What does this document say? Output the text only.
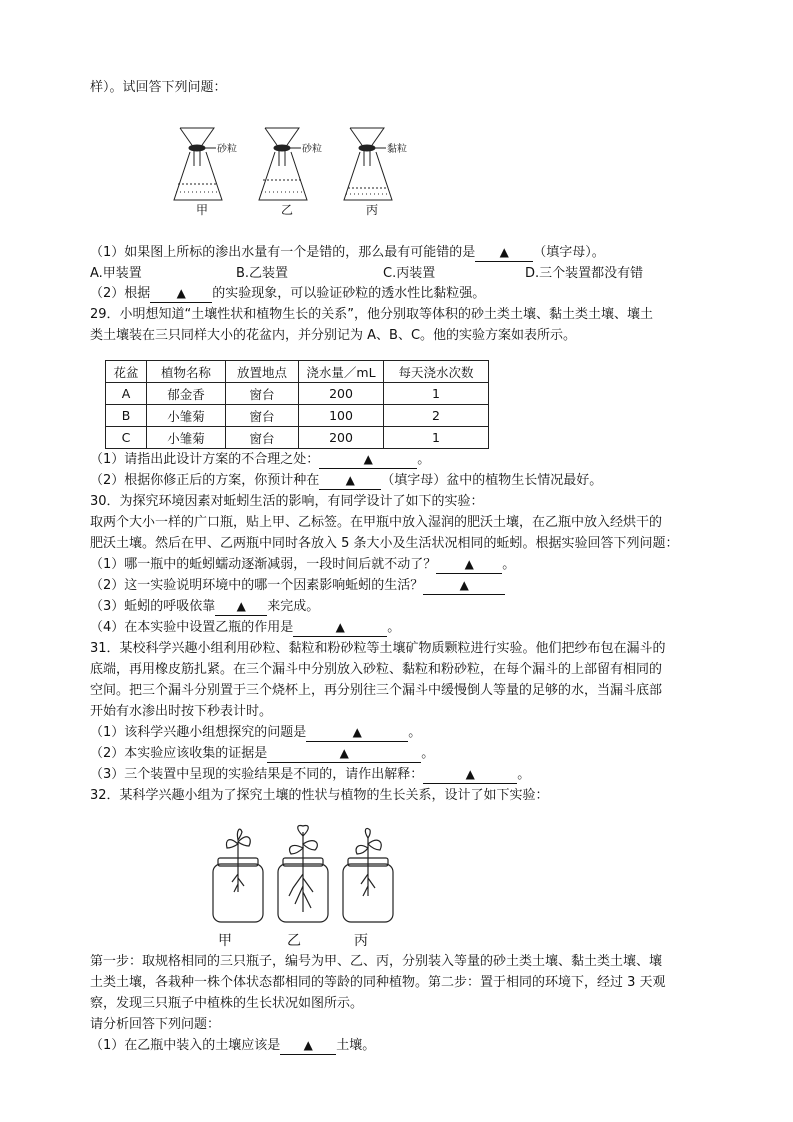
样）。试回答下列问题：
砂粒	砂粒	黏粒
甲	乙	丙
（1）如果图上所标的渗出水量有一个是错的，那么最有可能错的是 ▲ （填字母）。
A.甲装置	B.乙装置	C.丙装置	D.三个装置都没有错
（2）根据 ▲ 的实验现象，可以验证砂粒的透水性比黏粒强。
29．小明想知道“土壤性状和植物生长的关系”，他分别取等体积的砂土类土壤、黏土类土壤、壤土
类土壤装在三只同样大小的花盆内，并分别记为 A、B、C。他的实验方案如表所示。
花盆	植物名称	放置地点	浇水量／mL	每天浇水次数
A	郁金香	窗台	200	1
B	小雏菊	窗台	100	2
C	小雏菊	窗台	200	1
（1）请指出此设计方案的不合理之处：	▲	。
（2）根据你修正后的方案，你预计种在 ▲ （填字母）盆中的植物生长情况最好。
30．为探究环境因素对蚯蚓生活的影响，有同学设计了如下的实验：
取两个大小一样的广口瓶，贴上甲、乙标签。在甲瓶中放入湿润的肥沃土壤，在乙瓶中放入经烘干的
肥沃土壤。然后在甲、乙两瓶中同时各放入 5 条大小及生活状况相同的蚯蚓。根据实验回答下列问题：
（1）哪一瓶中的蚯蚓蠕动逐渐减弱，一段时间后就不动了？ ▲ 。
（2）这一实验说明环境中的哪一个因素影响蚯蚓的生活？	▲
（3）蚯蚓的呼吸依靠 ▲ 来完成。
（4）在本实验中设置乙瓶的作用是	▲	。
31．某校科学兴趣小组利用砂粒、黏粒和粉砂粒等土壤矿物质颗粒进行实验。他们把纱布包在漏斗的
底端，再用橡皮筋扎紧。在三个漏斗中分别放入砂粒、黏粒和粉砂粒，在每个漏斗的上部留有相同的
空间。把三个漏斗分别置于三个烧杯上，再分别往三个漏斗中缓慢倒人等量的足够的水，当漏斗底部
开始有水渗出时按下秒表计时。
（1）该科学兴趣小组想探究的问题是	▲	。
（2）本实验应该收集的证据是	▲	。
（3）三个装置中呈现的实验结果是不同的，请作出解释：	▲	。
32．某科学兴趣小组为了探究土壤的性状与植物的生长关系，设计了如下实验：
甲	乙	丙
第一步：取规格相同的三只瓶子，编号为甲、乙、丙，分别装入等量的砂土类土壤、黏土类土壤、壤
土类土壤，各栽种一株个体状态都相同的等龄的同种植物。第二步：置于相同的环境下，经过 3 天观
察，发现三只瓶子中植株的生长状况如图所示。
请分析回答下列问题：
（1）在乙瓶中装入的土壤应该是 ▲ 土壤。
